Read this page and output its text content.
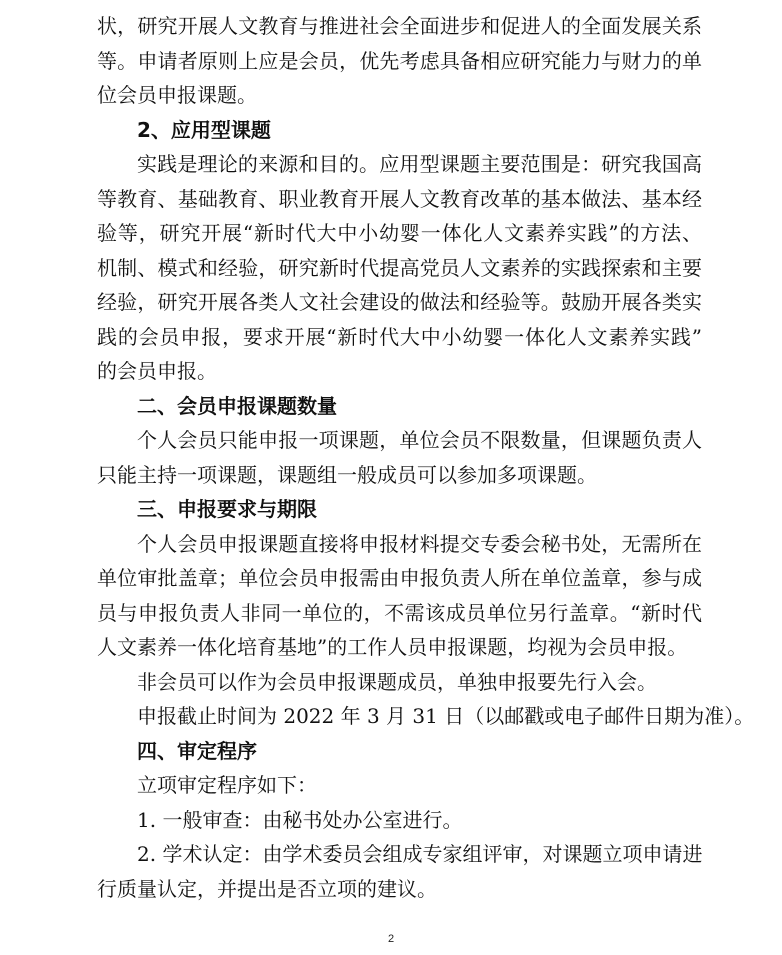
状，研究开展人文教育与推进社会全面进步和促进人的全面发展关系
等。申请者原则上应是会员，优先考虑具备相应研究能力与财力的单
位会员申报课题。
2、应用型课题
实践是理论的来源和目的。应用型课题主要范围是：研究我国高
等教育、基础教育、职业教育开展人文教育改革的基本做法、基本经
验等，研究开展“新时代大中小幼婴一体化人文素养实践”的方法、
机制、模式和经验，研究新时代提高党员人文素养的实践探索和主要
经验，研究开展各类人文社会建设的做法和经验等。鼓励开展各类实
践的会员申报，要求开展“新时代大中小幼婴一体化人文素养实践”
的会员申报。
二、会员申报课题数量
个人会员只能申报一项课题，单位会员不限数量，但课题负责人
只能主持一项课题，课题组一般成员可以参加多项课题。
三、申报要求与期限
个人会员申报课题直接将申报材料提交专委会秘书处，无需所在
单位审批盖章；单位会员申报需由申报负责人所在单位盖章，参与成
员与申报负责人非同一单位的，不需该成员单位另行盖章。“新时代
人文素养一体化培育基地”的工作人员申报课题，均视为会员申报。
非会员可以作为会员申报课题成员，单独申报要先行入会。
申报截止时间为 2022 年 3 月 31 日（以邮戳或电子邮件日期为准）。
四、审定程序
立项审定程序如下：
1. 一般审查：由秘书处办公室进行。
2. 学术认定：由学术委员会组成专家组评审，对课题立项申请进
行质量认定，并提出是否立项的建议。
2
